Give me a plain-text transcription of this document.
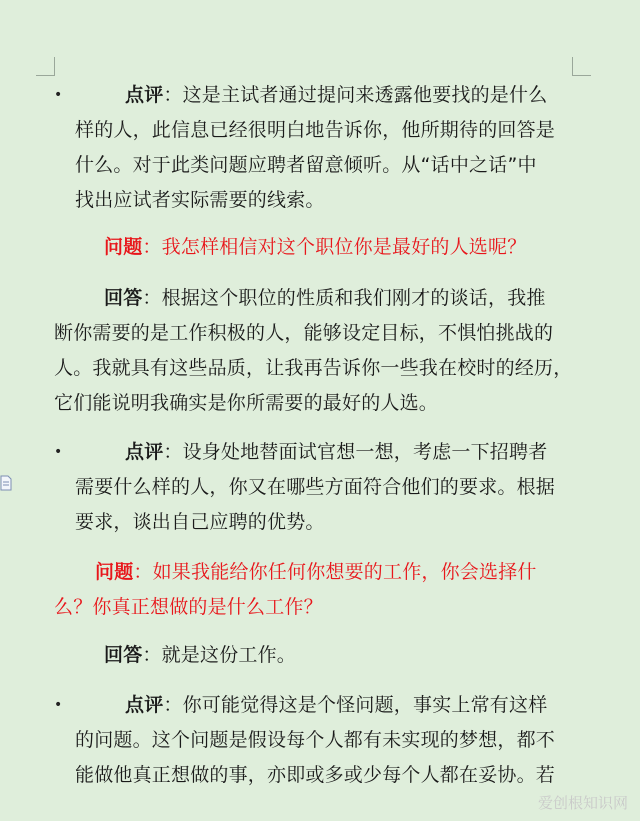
•	点评：这是主试者通过提问来透露他要找的是什么
样的人，此信息已经很明白地告诉你，他所期待的回答是
什么。对于此类问题应聘者留意倾听。从“话中之话”中
找出应试者实际需要的线索。
问题：我怎样相信对这个职位你是最好的人选呢？
回答：根据这个职位的性质和我们刚才的谈话，我推
断你需要的是工作积极的人，能够设定目标，不惧怕挑战的
人。我就具有这些品质，让我再告诉你一些我在校时的经历，
它们能说明我确实是你所需要的最好的人选。
•	点评：设身处地替面试官想一想，考虑一下招聘者
需要什么样的人，你又在哪些方面符合他们的要求。根据
要求，谈出自己应聘的优势。
问题：如果我能给你任何你想要的工作，你会选择什
么？你真正想做的是什么工作？
回答：就是这份工作。
•	点评：你可能觉得这是个怪问题，事实上常有这样
的问题。这个问题是假设每个人都有未实现的梦想，都不
能做他真正想做的事，亦即或多或少每个人都在妥协。若
爱创根知识网
